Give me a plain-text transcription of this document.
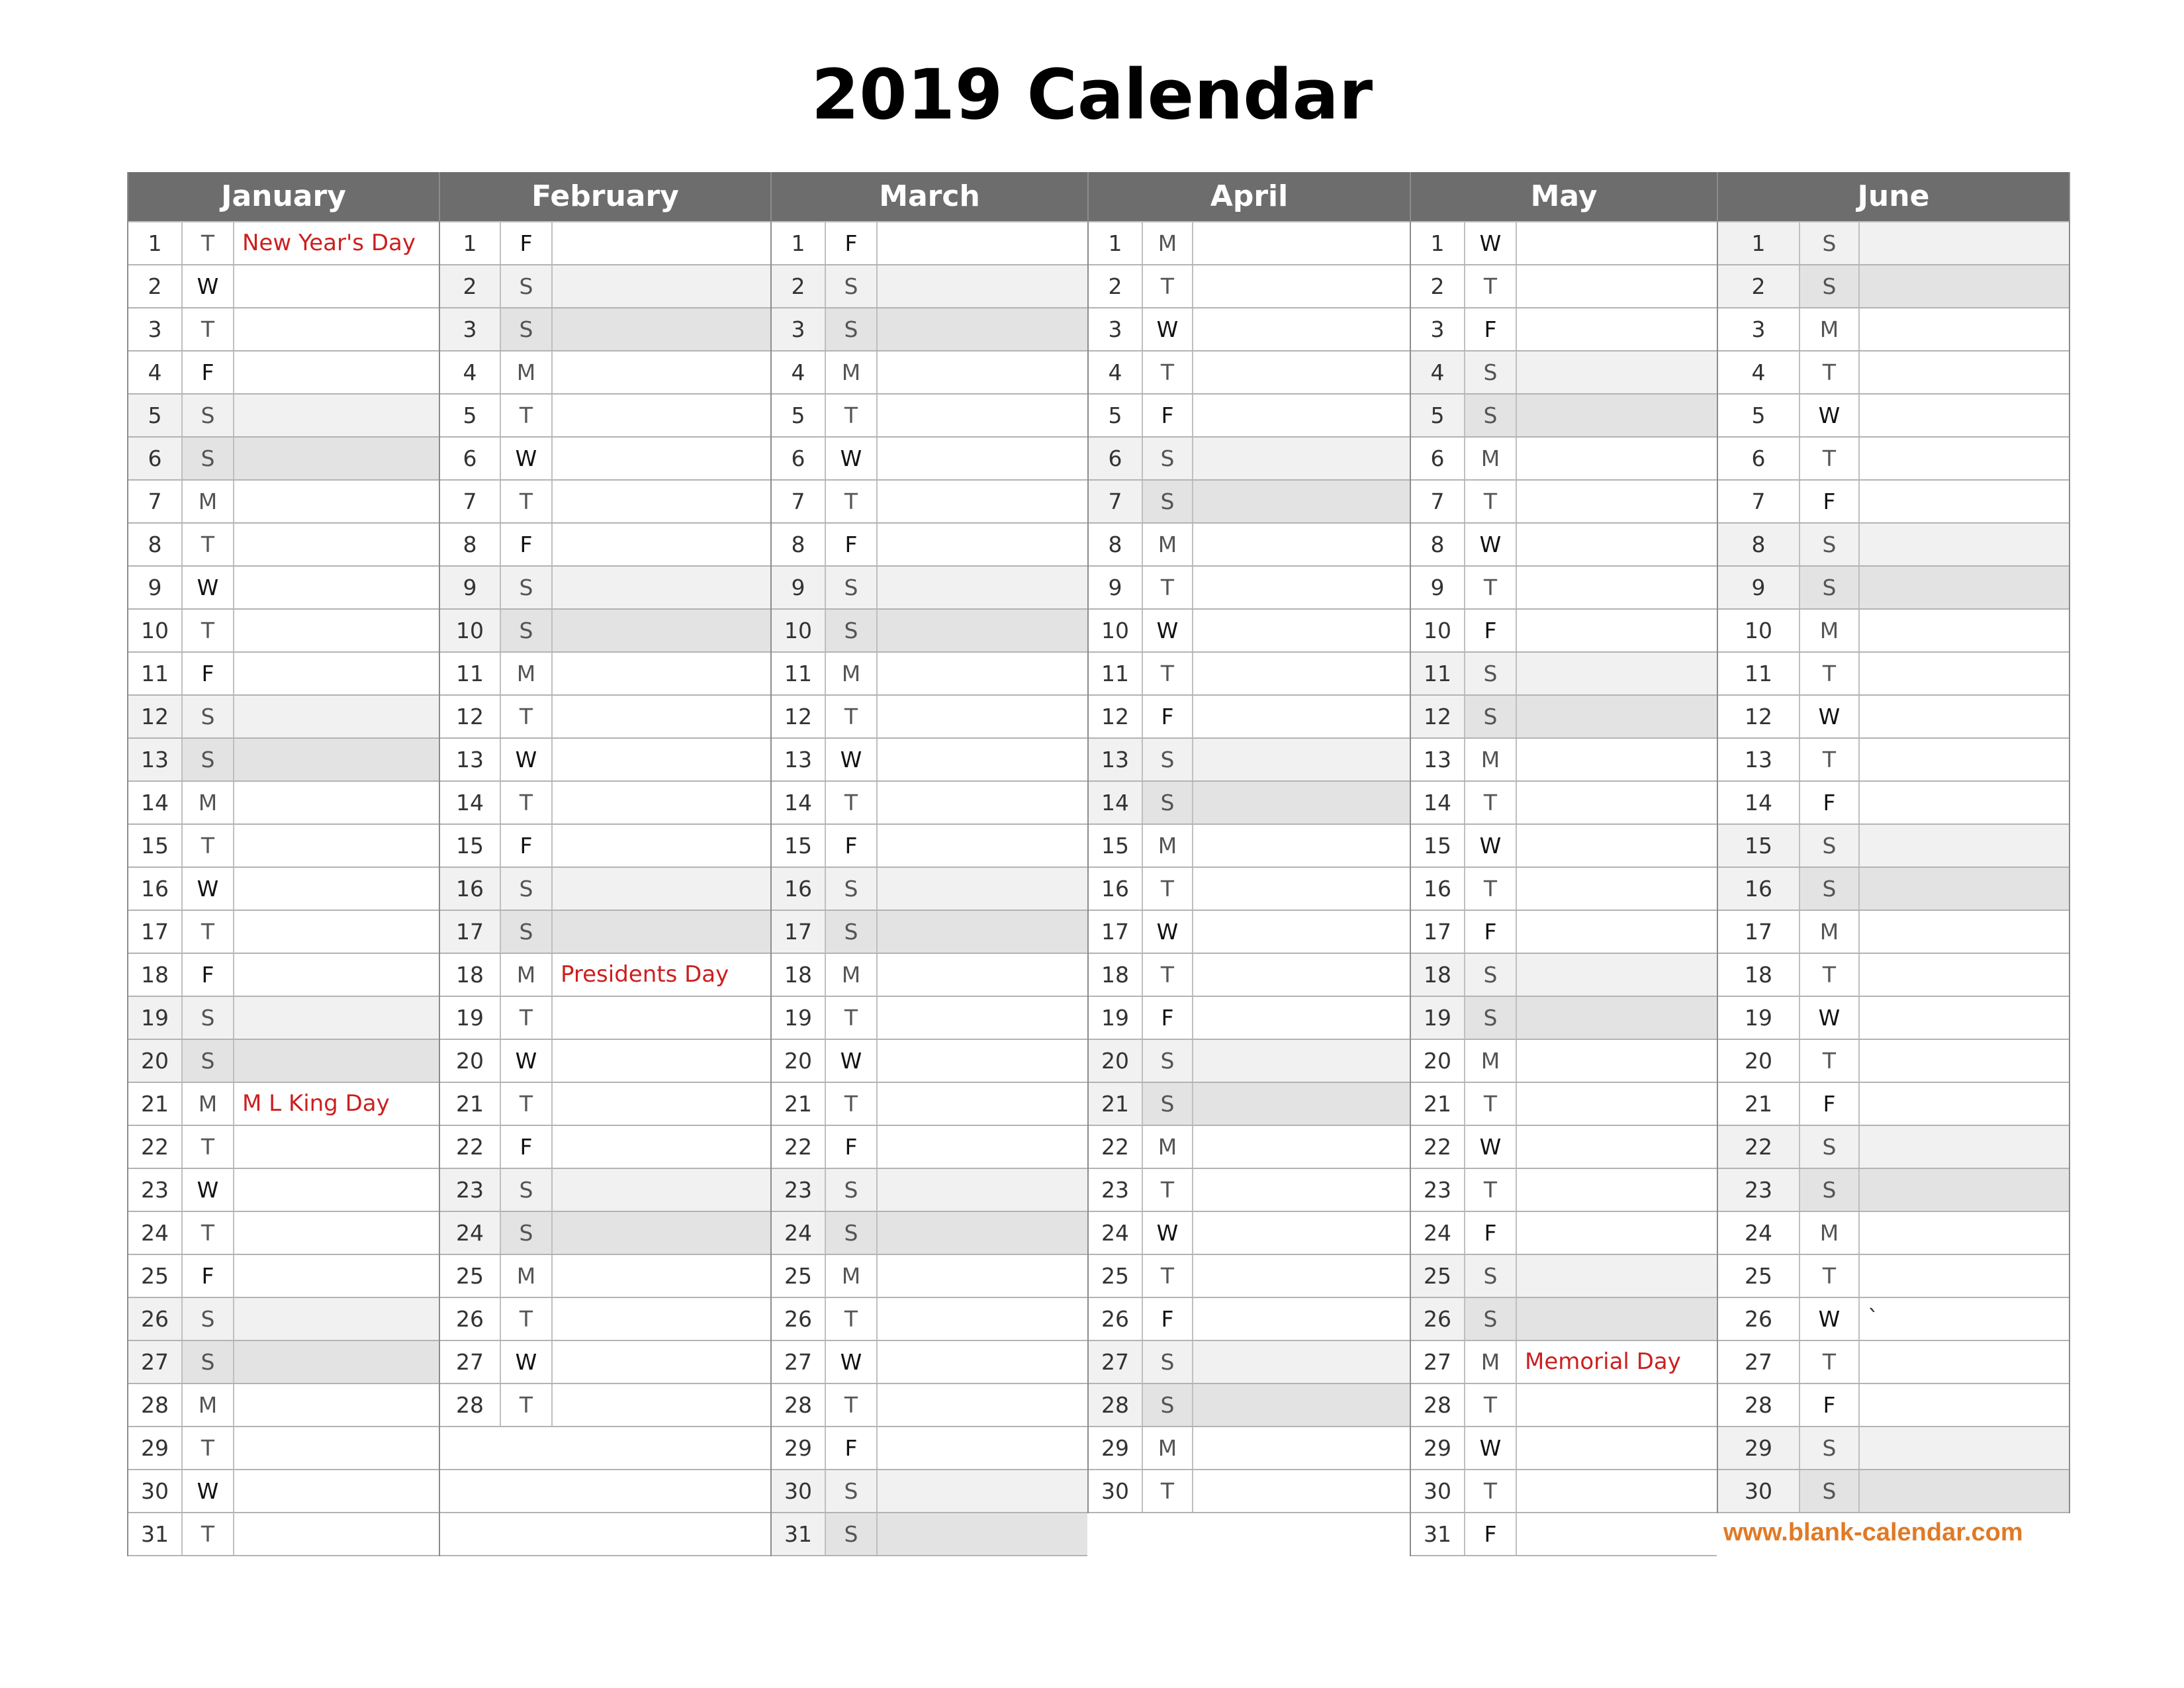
2019 Calendar
January
1	T	New Year's Day
2	W
3	T
4	F
5	S
6	S
7	M
8	T
9	W
10	T
11	F
12	S
13	S
14	M
15	T
16	W
17	T
18	F
19	S
20	S
21	M	M L King Day
22	T
23	W
24	T
25	F
26	S
27	S
28	M
29	T
30	W
31	T
February
1	F
2	S
3	S
4	M
5	T
6	W
7	T
8	F
9	S
10	S
11	M
12	T
13	W
14	T
15	F
16	S
17	S
18	M	Presidents Day
19	T
20	W
21	T
22	F
23	S
24	S
25	M
26	T
27	W
28	T
March
1	F
2	S
3	S
4	M
5	T
6	W
7	T
8	F
9	S
10	S
11	M
12	T
13	W
14	T
15	F
16	S
17	S
18	M
19	T
20	W
21	T
22	F
23	S
24	S
25	M
26	T
27	W
28	T
29	F
30	S
31	S
April
1	M
2	T
3	W
4	T
5	F
6	S
7	S
8	M
9	T
10	W
11	T
12	F
13	S
14	S
15	M
16	T
17	W
18	T
19	F
20	S
21	S
22	M
23	T
24	W
25	T
26	F
27	S
28	S
29	M
30	T
May
1	W
2	T
3	F
4	S
5	S
6	M
7	T
8	W
9	T
10	F
11	S
12	S
13	M
14	T
15	W
16	T
17	F
18	S
19	S
20	M
21	T
22	W
23	T
24	F
25	S
26	S
27	M	Memorial Day
28	T
29	W
30	T
31	F
June
1	S
2	S
3	M
4	T
5	W
6	T
7	F
8	S
9	S
10	M
11	T
12	W
13	T
14	F
15	S
16	S
17	M
18	T
19	W
20	T
21	F
22	S
23	S
24	M
25	T
26	W	`
27	T
28	F
29	S
30	S
www.blank-calendar.com
